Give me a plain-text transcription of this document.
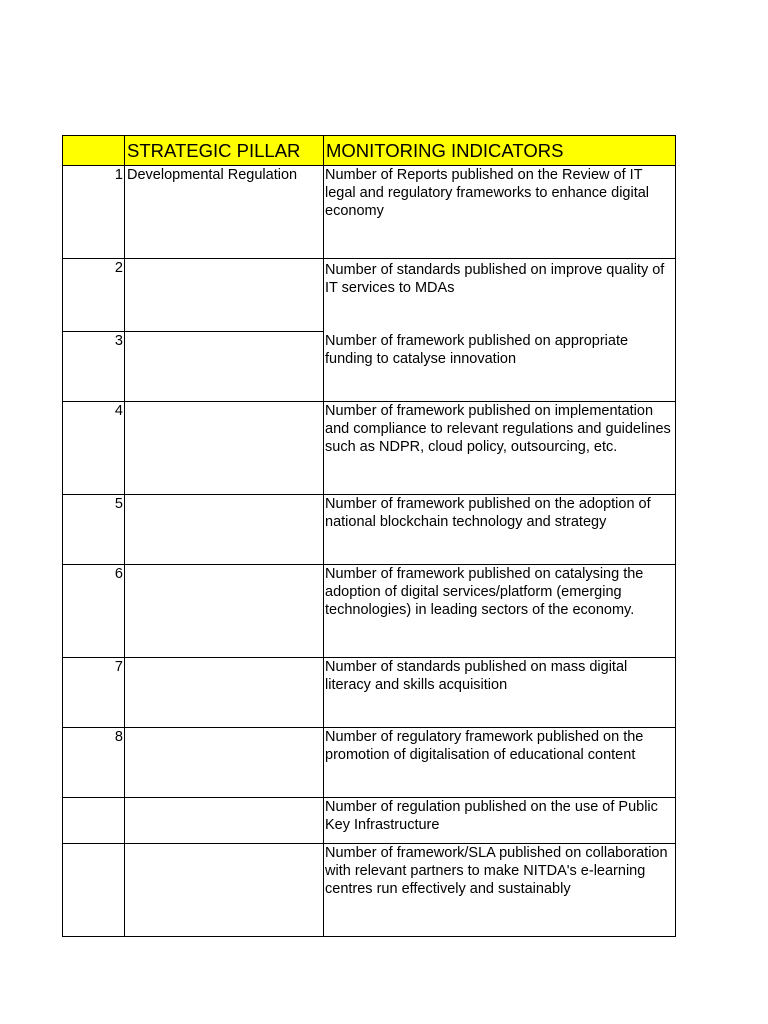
	STRATEGIC PILLAR	MONITORING INDICATORS
1	Developmental Regulation	Number of Reports published on the Review of IT legal and regulatory frameworks to enhance digital economy
2		Number of standards published on improve quality of IT services to MDAs
3		Number of framework published on appropriate funding to catalyse innovation
4		Number of framework published on implementation and compliance to relevant regulations and guidelines such as NDPR, cloud policy, outsourcing, etc.
5		Number of framework published on the adoption of national blockchain technology and strategy
6		Number of framework published on catalysing the adoption of digital services/platform (emerging technologies) in leading sectors of the economy.
7		Number of standards published on mass digital literacy and skills acquisition
8		Number of regulatory framework published on the promotion of digitalisation of educational content
		Number of regulation published on the use of Public Key Infrastructure
		Number of framework/SLA published on collaboration with relevant partners to make NITDA's e-learning centres run effectively and sustainably
